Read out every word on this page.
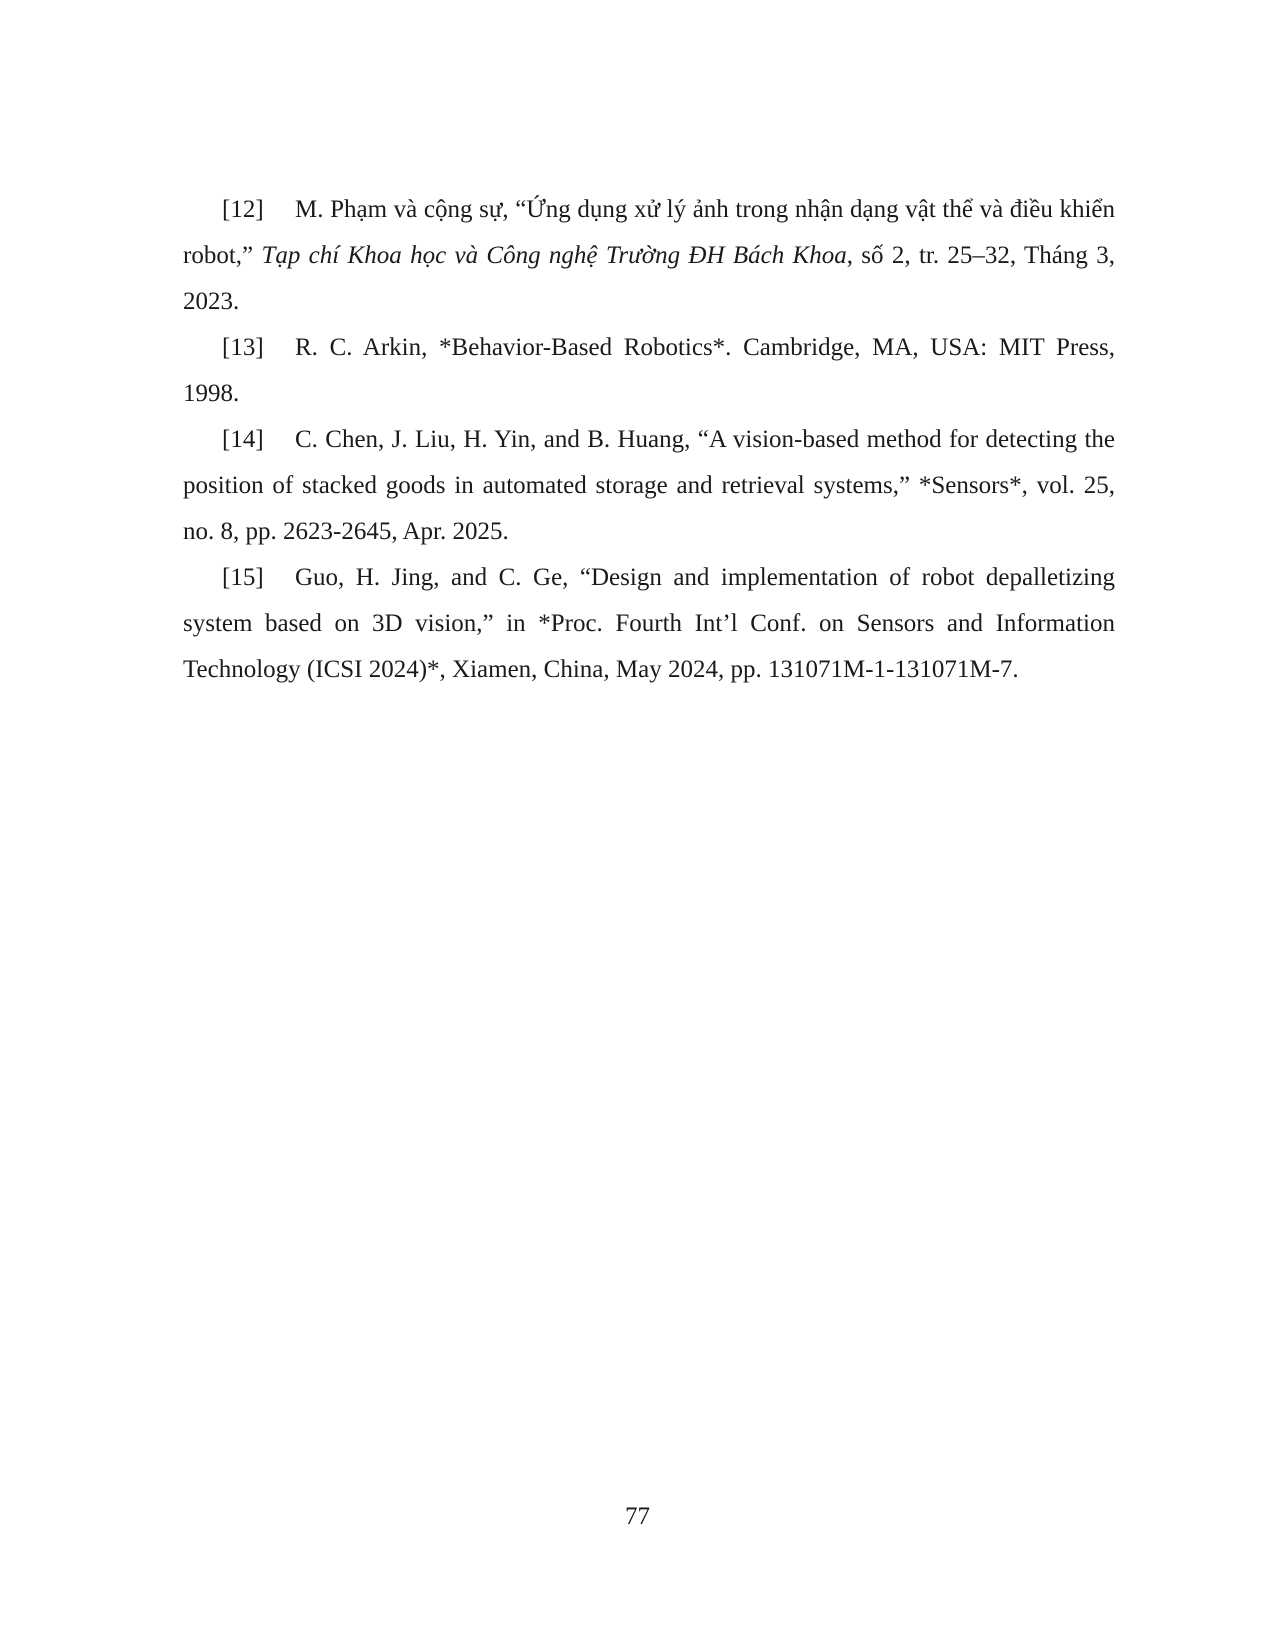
[12] M. Phạm và cộng sự, “Ứng dụng xử lý ảnh trong nhận dạng vật thể và điều khiển robot,” Tạp chí Khoa học và Công nghệ Trường ĐH Bách Khoa, số 2, tr. 25–32, Tháng 3, 2023.

[13] R. C. Arkin, *Behavior-Based Robotics*. Cambridge, MA, USA: MIT Press, 1998.

[14] C. Chen, J. Liu, H. Yin, and B. Huang, “A vision-based method for detecting the position of stacked goods in automated storage and retrieval systems,” *Sensors*, vol. 25, no. 8, pp. 2623-2645, Apr. 2025.

[15] Guo, H. Jing, and C. Ge, “Design and implementation of robot depalletizing system based on 3D vision,” in *Proc. Fourth Int’l Conf. on Sensors and Information Technology (ICSI 2024)*, Xiamen, China, May 2024, pp. 131071M-1-131071M-7.

77
